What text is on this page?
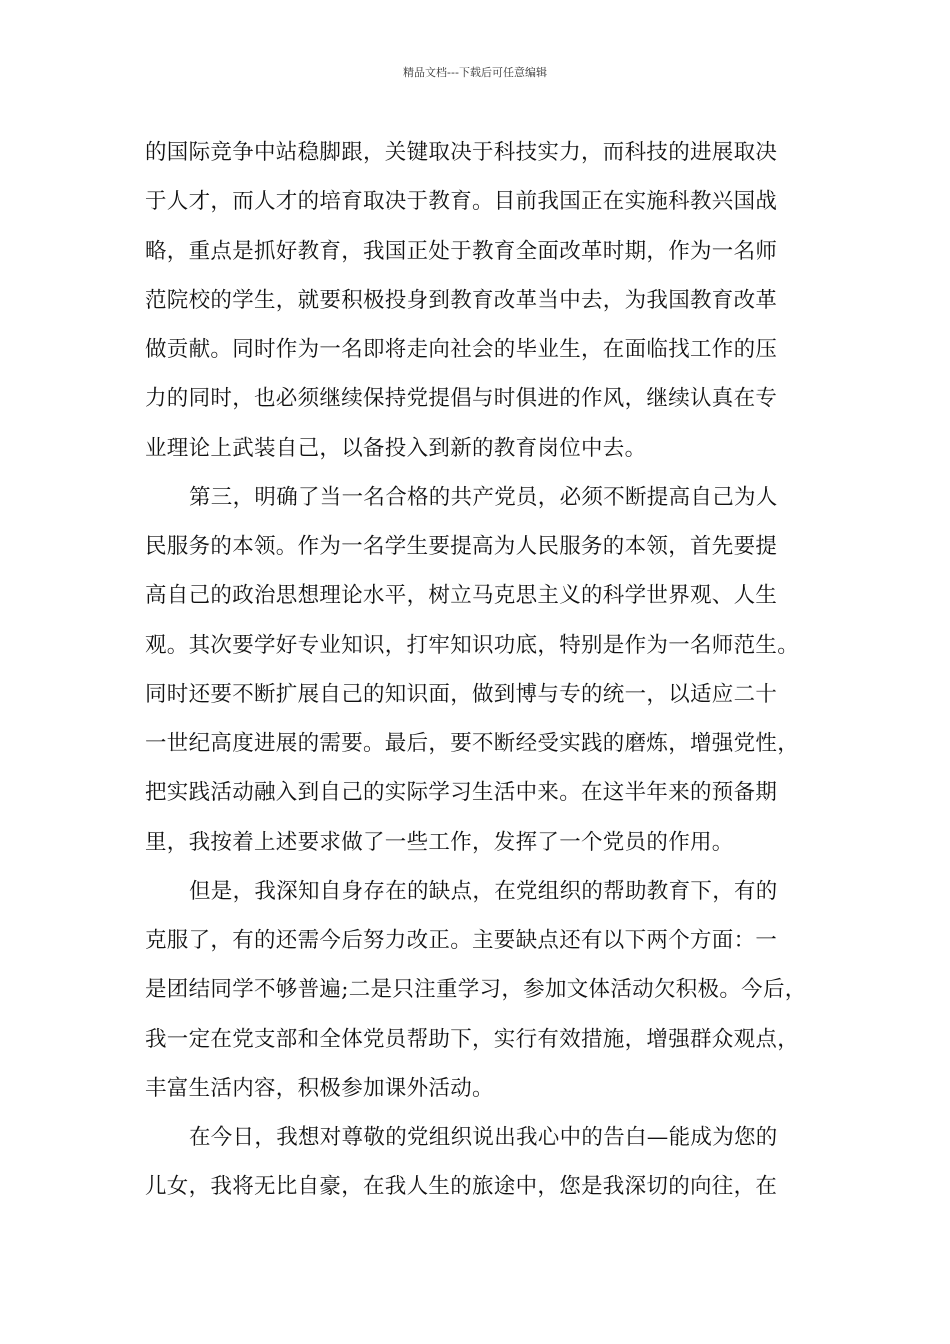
精品文档---下载后可任意编辑
的国际竞争中站稳脚跟，关键取决于科技实力，而科技的进展取决
于人才，而人才的培育取决于教育。目前我国正在实施科教兴国战
略，重点是抓好教育，我国正处于教育全面改革时期，作为一名师
范院校的学生，就要积极投身到教育改革当中去，为我国教育改革
做贡献。同时作为一名即将走向社会的毕业生，在面临找工作的压
力的同时，也必须继续保持党提倡与时俱进的作风，继续认真在专
业理论上武装自己，以备投入到新的教育岗位中去。
第三，明确了当一名合格的共产党员，必须不断提高自己为人
民服务的本领。作为一名学生要提高为人民服务的本领，首先要提
高自己的政治思想理论水平，树立马克思主义的科学世界观、人生
观。其次要学好专业知识，打牢知识功底，特别是作为一名师范生。
同时还要不断扩展自己的知识面，做到博与专的统一，以适应二十
一世纪高度进展的需要。最后，要不断经受实践的磨炼，增强党性，
把实践活动融入到自己的实际学习生活中来。在这半年来的预备期
里，我按着上述要求做了一些工作，发挥了一个党员的作用。
但是，我深知自身存在的缺点，在党组织的帮助教育下，有的
克服了，有的还需今后努力改正。主要缺点还有以下两个方面：一
是团结同学不够普遍;二是只注重学习，参加文体活动欠积极。今后，
我一定在党支部和全体党员帮助下，实行有效措施，增强群众观点，
丰富生活内容，积极参加课外活动。
在今日，我想对尊敬的党组织说出我心中的告白—能成为您的
儿女，我将无比自豪，在我人生的旅途中，您是我深切的向往，在
